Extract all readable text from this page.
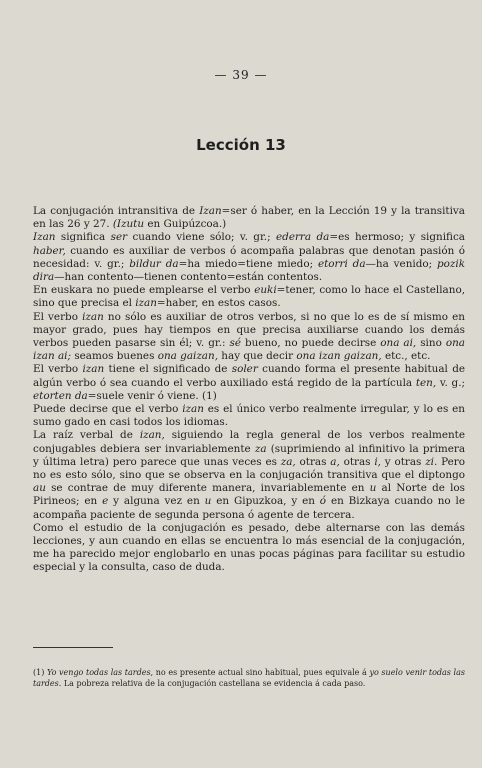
— 39 —
Lección 13

La conjugación intransitiva de Izan=ser ó haber, en la Lección 19 y la transitiva en las 26 y 27. (Izutu en Guipúzcoa.)

Izan significa ser cuando viene sólo; v. gr.; ederra da=es hermoso; y significa haber, cuando es auxiliar de verbos ó acompaña palabras que denotan pasión ó necesidad: v. gr.; bildur da=ha miedo=tiene miedo; etorri da—ha venido; pozik dira—han contento—tienen contento=están contentos.

En euskara no puede emplearse el verbo euki=tener, como lo hace el Castellano, sino que precisa el izan=haber, en estos casos.

El verbo izan no sólo es auxiliar de otros verbos, si no que lo es de sí mismo en mayor grado, pues hay tiempos en que precisa auxiliarse cuando los demás verbos pueden pasarse sin él; v. gr.: sé bueno, no puede decirse ona ai, sino ona izan ai; seamos buenes ona gaizan, hay que decir ona izan gaizan, etc., etc.

El verbo izan tiene el significado de soler cuando forma el presente habitual de algún verbo ó sea cuando el verbo auxiliado está regido de la partícula ten, v. g.; etorten da=suele venir ó viene. (1)

Puede decirse que el verbo izan es el único verbo realmente irregular, y lo es en sumo gado en casi todos los idiomas.

La raíz verbal de izan, siguiendo la regla general de los verbos realmente conjugables debiera ser invariablemente za (suprimiendo al infinitivo la primera y última letra) pero parece que unas veces es za, otras a, otras i, y otras zi. Pero no es esto sólo, sino que se observa en la conjugación transitiva que el diptongo au se contrae de muy diferente manera, invariablemente en u al Norte de los Pirineos; en e y alguna vez en u en Gipuzkoa, y en ó en Bizkaya cuando no le acompaña paciente de segunda persona ó agente de tercera.

Como el estudio de la conjugación es pesado, debe alternarse con las demás lecciones, y aun cuando en ellas se encuentra lo más esencial de la conjugación, me ha parecido mejor englobarlo en unas pocas páginas para facilitar su estudio especial y la consulta, caso de duda.

(1) Yo vengo todas las tardes, no es presente actual sino habitual, pues equivale á yo suelo venir todas las tardes. La pobreza relativa de la conjugación castellana se evidencia á cada paso.
